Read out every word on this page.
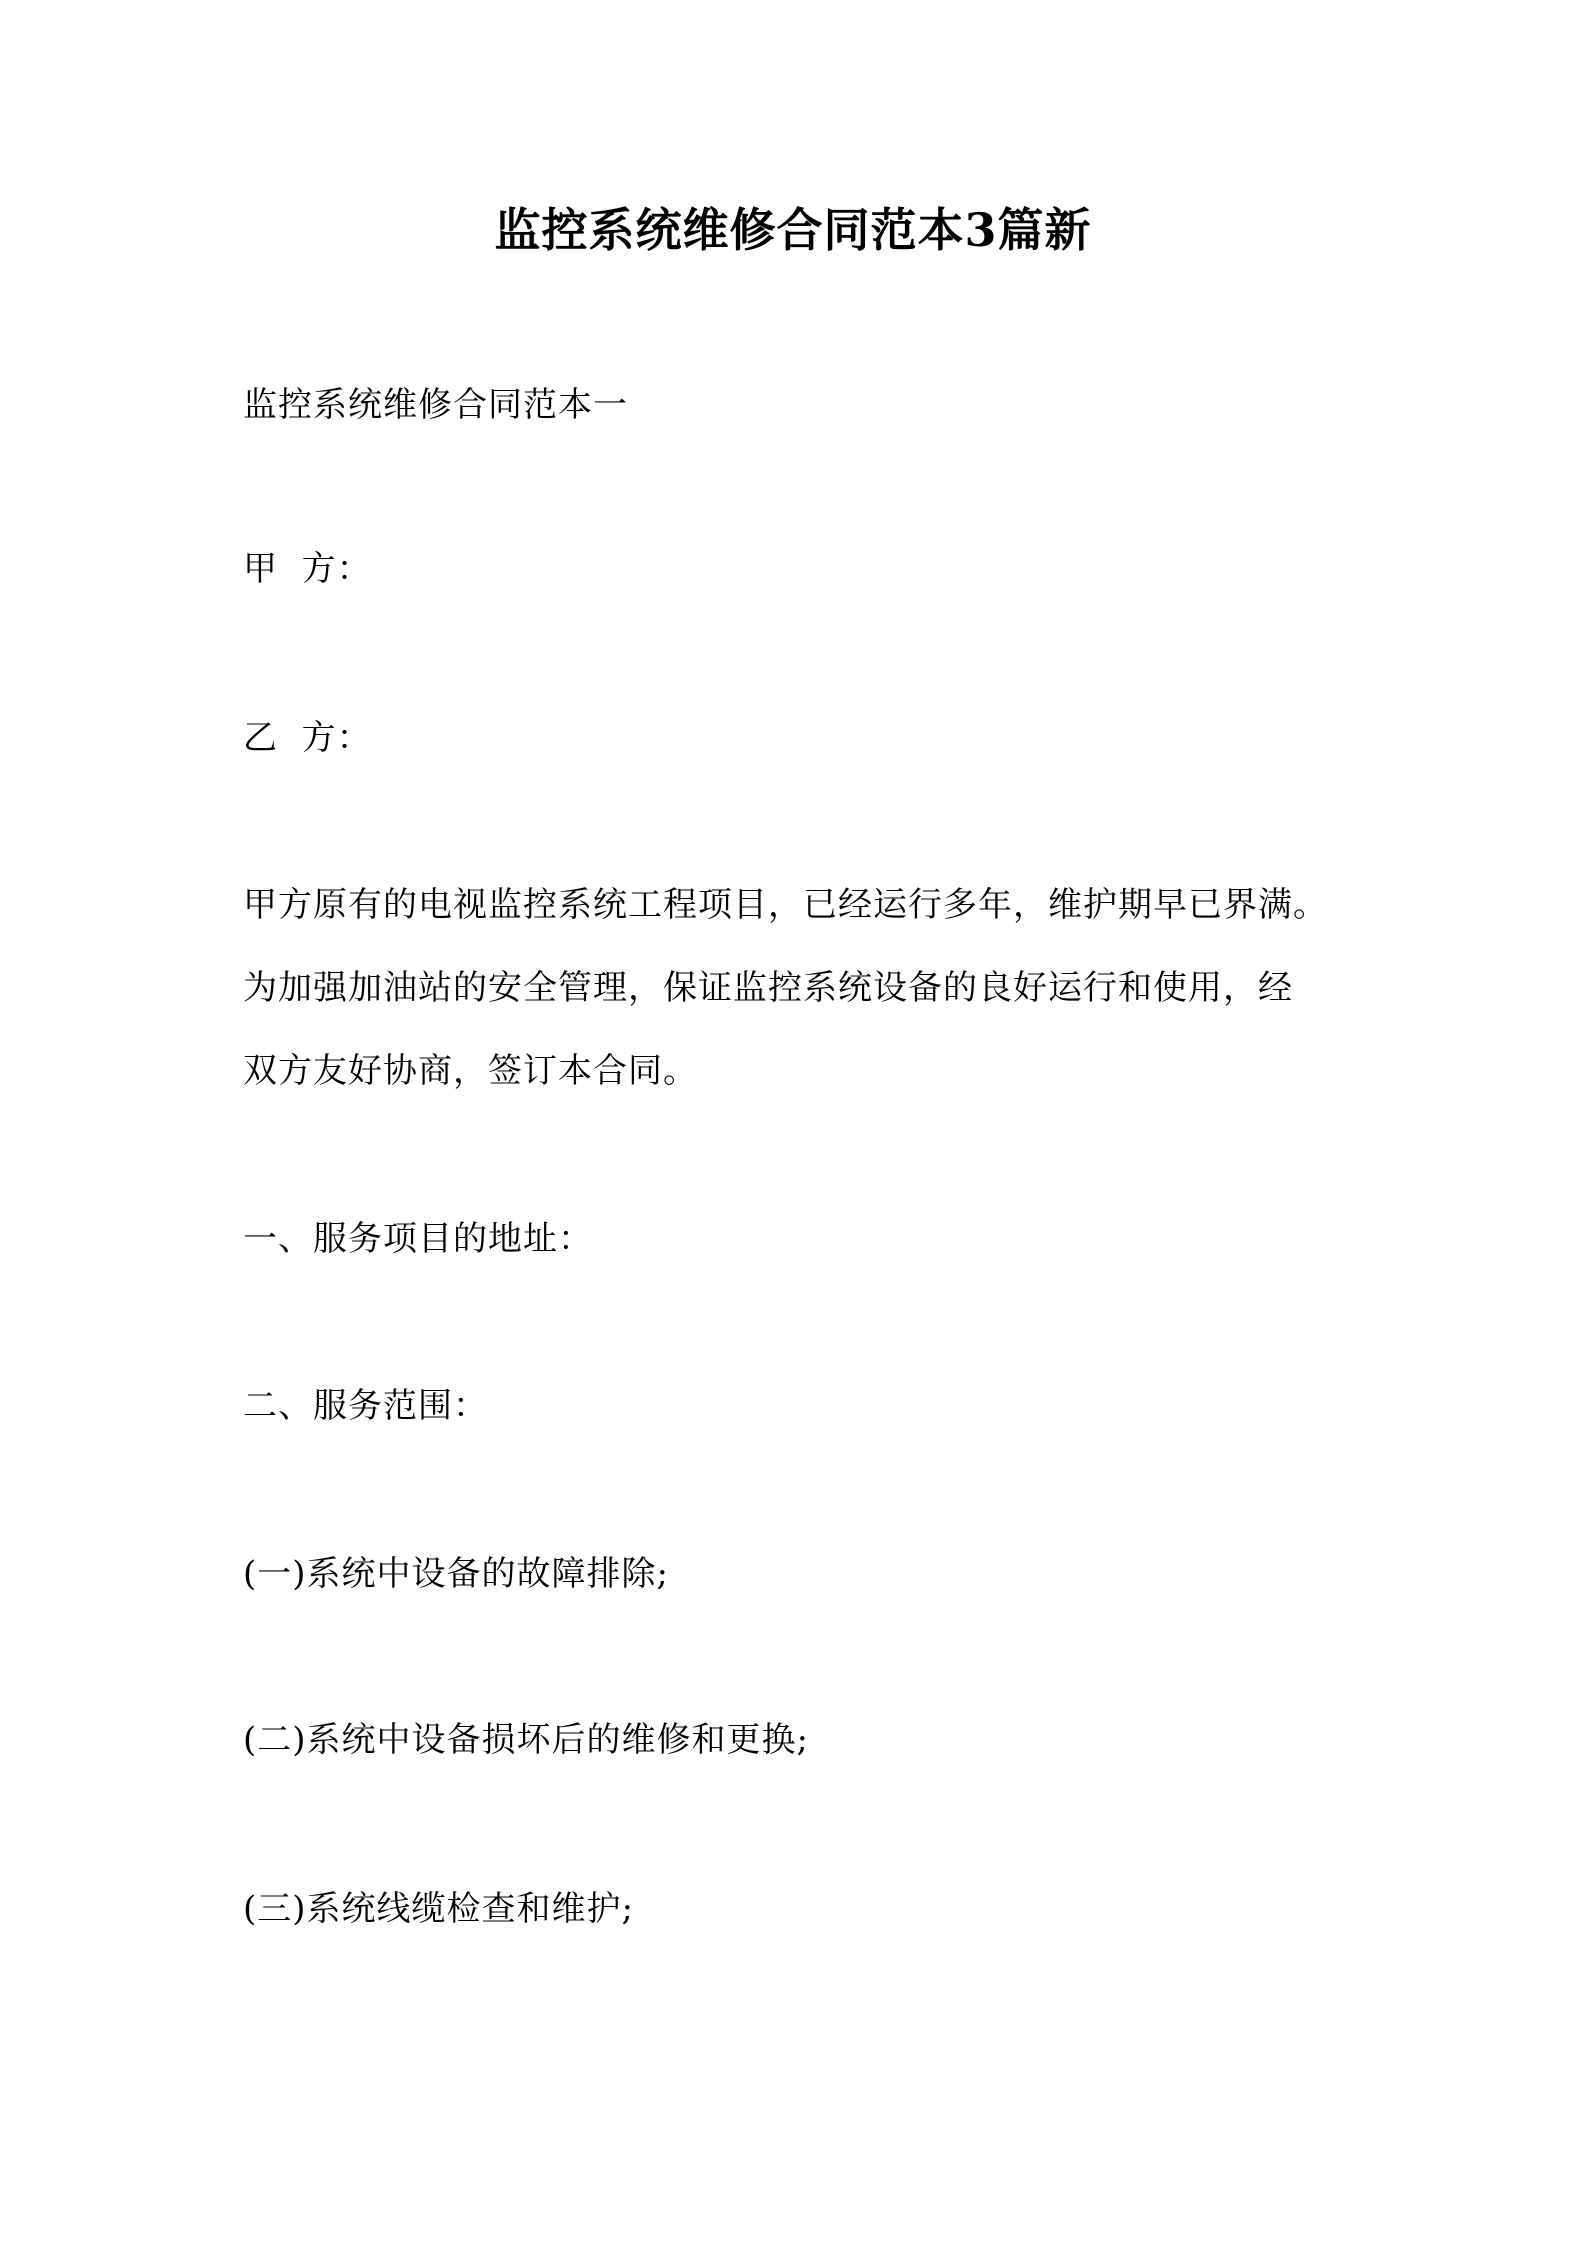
监控系统维修合同范本3篇新
监控系统维修合同范本一
甲  方：
乙  方：
甲方原有的电视监控系统工程项目，已经运行多年，维护期早已界满。
为加强加油站的安全管理，保证监控系统设备的良好运行和使用，经
双方友好协商，签订本合同。
一、服务项目的地址：
二、服务范围：
(一)系统中设备的故障排除;
(二)系统中设备损坏后的维修和更换;
(三)系统线缆检查和维护;
